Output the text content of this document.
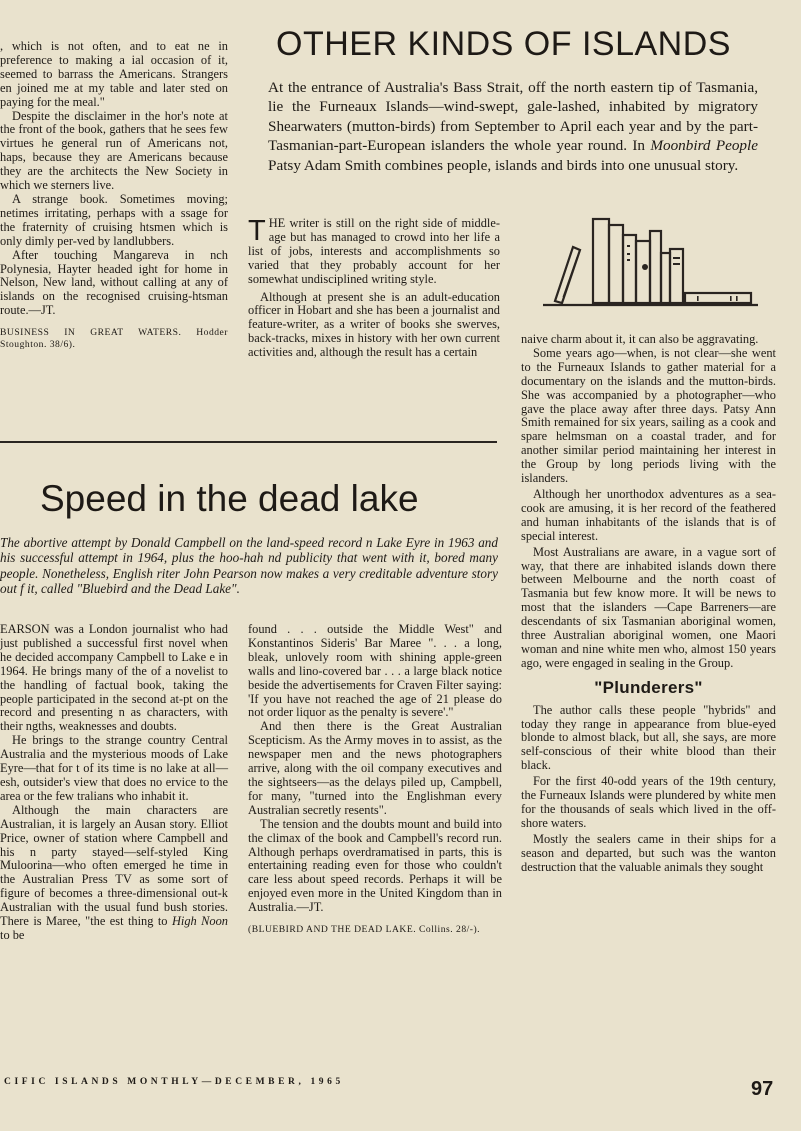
, which is not often, and to eat ne in preference to making a ial occasion of it, seemed to barrass the Americans. Strangers en joined me at my table and later sted on paying for the meal."

Despite the disclaimer in the hor's note at the front of the book, gathers that he sees few virtues he general run of Americans not, haps, because they are Americans because they are the architects the New Society in which we sterners live.

A strange book. Sometimes moving; netimes irritating, perhaps with a ssage for the fraternity of cruising htsmen which is only dimly per-ved by landlubbers.

After touching Mangareva in nch Polynesia, Hayter headed ight for home in Nelson, New land, without calling at any of islands on the recognised cruising-htsman route.—JT.

BUSINESS IN GREAT WATERS. Hodder Stoughton. 38/6).

OTHER KINDS OF ISLANDS
At the entrance of Australia's Bass Strait, off the north eastern tip of Tasmania, lie the Furneaux Islands—wind-swept, gale-lashed, inhabited by migratory Shearwaters (mutton-birds) from September to April each year and by the part-Tasmanian-part-European islanders the whole year round. In Moonbird People Patsy Adam Smith combines people, islands and birds into one unusual story.

THE writer is still on the right side of middle-age but has managed to crowd into her life a list of jobs, interests and accomplishments so varied that they probably account for her somewhat undisciplined writing style.

Although at present she is an adult-education officer in Hobart and she has been a journalist and feature-writer, as a writer of books she swerves, back-tracks, mixes in history with her own current activities and, although the result has a certain

naive charm about it, it can also be aggravating.

Some years ago—when, is not clear—she went to the Furneaux Islands to gather material for a documentary on the islands and the mutton-birds. She was accompanied by a photographer—who gave the place away after three days. Patsy Ann Smith remained for six years, sailing as a cook and spare helmsman on a coastal trader, and for another similar period maintaining her interest in the Group by long periods living with the islanders.

Although her unorthodox adventures as a sea-cook are amusing, it is her record of the feathered and human inhabitants of the islands that is of special interest.

Most Australians are aware, in a vague sort of way, that there are inhabited islands down there between Melbourne and the north coast of Tasmania but few know more. It will be news to most that the islanders —Cape Barreners—are descendants of six Tasmanian aboriginal women, three Australian aboriginal women, one Maori woman and nine white men who, almost 150 years ago, were engaged in sealing in the Group.

"Plunderers"

The author calls these people "hybrids" and today they range in appearance from blue-eyed blonde to almost black, but all, she says, are more self-conscious of their white blood than their black.

For the first 40-odd years of the 19th century, the Furneaux Islands were plundered by white men for the thousands of seals which lived in the off-shore waters.

Mostly the sealers came in their ships for a season and departed, but such was the wanton destruction that the valuable animals they sought

Speed in the dead lake
The abortive attempt by Donald Campbell on the land-speed record n Lake Eyre in 1963 and his successful attempt in 1964, plus the hoo-hah nd publicity that went with it, bored many people. Nonetheless, English riter John Pearson now makes a very creditable adventure story out f it, called "Bluebird and the Dead Lake".

EARSON was a London journalist who had just published a successful first novel when he decided accompany Campbell to Lake e in 1964. He brings many of the of a novelist to the handling of factual book, taking the people participated in the second at-pt on the record and presenting n as characters, with their ngths, weaknesses and doubts.

He brings to the strange country Central Australia and the mysterious moods of Lake Eyre—that for t of its time is no lake at all— esh, outsider's view that does no ervice to the area or the few tralians who inhabit it.

Although the main characters are Australian, it is largely an Ausan story. Elliot Price, owner of station where Campbell and his n party stayed—self-styled King Muloorina—who often emerged he time in the Australian Press TV as some sort of figure of becomes a three-dimensional out-k Australian with the usual fund bush stories. There is Maree, "the est thing to High Noon to be

found . . . outside the Middle West" and Konstantinos Sideris' Bar Maree ". . . a long, bleak, unlovely room with shining apple-green walls and lino-covered bar . . . a large black notice beside the advertisements for Craven Filter saying: 'If you have not reached the age of 21 please do not order liquor as the penalty is severe'."

And then there is the Great Australian Scepticism. As the Army moves in to assist, as the newspaper men and the news photographers arrive, along with the oil company executives and the sightseers—as the delays piled up, Campbell, for many, "turned into the Englishman every Australian secretly resents".

The tension and the doubts mount and build into the climax of the book and Campbell's record run. Although perhaps overdramatised in parts, this is entertaining reading even for those who couldn't care less about speed records. Perhaps it will be enjoyed even more in the United Kingdom than in Australia.—JT.

(BLUEBIRD AND THE DEAD LAKE. Collins. 28/-).

CIFIC ISLANDS MONTHLY—DECEMBER, 1965	97
